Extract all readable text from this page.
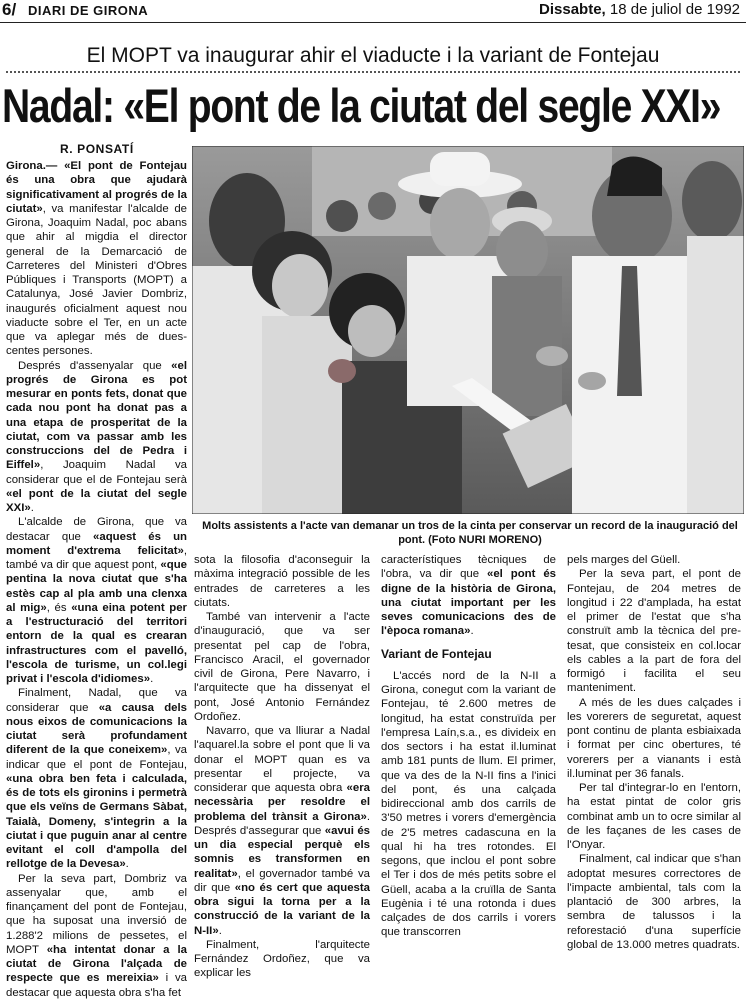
6/ DIARI DE GIRONA	Dissabte, 18 de juliol de 1992
El MOPT va inaugurar ahir el viaducte i la variant de Fontejau
Nadal: «El pont de la ciutat del segle XXI»
R. PONSATÍ

Girona.— «El pont de Fontejau és una obra que ajudarà significativament al progrés de la ciutat», va manifestar l'alcalde de Girona, Joaquim Nadal, poc abans que ahir al migdia el director general de la Demarcació de Carreteres del Ministeri d'Obres Públiques i Transports (MOPT) a Catalunya, José Javier Dombriz, inaugurés oficialment aquest nou viaducte sobre el Ter, en un acte que va aplegar més de dues-centes persones.

Després d'assenyalar que «el progrés de Girona es pot mesurar en ponts fets, donat que cada nou pont ha donat pas a una etapa de prosperitat de la ciutat, com va passar amb les construccions del de Pedra i Eiffel», Joaquim Nadal va considerar que el de Fontejau serà «el pont de la ciutat del segle XXI».

L'alcalde de Girona, que va destacar que «aquest és un moment d'extrema felicitat», també va dir que aquest pont, «que pentina la nova ciutat que s'ha estès cap al pla amb una clenxa al mig», és «una eina potent per a l'estructuració del territori entorn de la qual es crearan infrastructures com el pavelló, l'escola de turisme, un col.legi privat i l'escola d'idiomes».

Finalment, Nadal, que va considerar que «a causa dels nous eixos de comunicacions la ciutat serà profundament diferent de la que coneixem», va indicar que el pont de Fontejau, «una obra ben feta i calculada, és de tots els gironins i permetrà que els veïns de Germans Sàbat, Taialà, Domeny, s'integrin a la ciutat i que puguin anar al centre evitant el coll d'ampolla del rellotge de la Devesa».

Per la seva part, Dombriz va assenyalar que, amb el finançament del pont de Fontejau, que ha suposat una inversió de 1.288'2 milions de pessetes, el MOPT «ha intentat donar a la ciutat de Girona l'alçada de respecte que es mereixia» i va destacar que aquesta obra s'ha fet

Molts assistents a l'acte van demanar un tros de la cinta per conservar un record de la inauguració del pont. (Foto NURI MORENO)

sota la filosofia d'aconseguir la màxima integració possible de les entrades de carreteres a les ciutats.

També van intervenir a l'acte d'inauguració, que va ser presentat pel cap de l'obra, Francisco Aracil, el governador civil de Girona, Pere Navarro, i l'arquitecte que ha dissenyat el pont, José Antonio Fernández Ordoñez.

Navarro, que va lliurar a Nadal l'aquarel.la sobre el pont que li va donar el MOPT quan es va presentar el projecte, va considerar que aquesta obra «era necessària per resoldre el problema del trànsit a Girona». Després d'assegurar que «avui és un dia especial perquè els somnis es transformen en realitat», el governador també va dir que «no és cert que aquesta obra sigui la torna per a la construcció de la variant de la N-II».

Finalment, l'arquitecte Fernández Ordoñez, que va explicar les

característiques tècniques de l'obra, va dir que «el pont és digne de la història de Girona, una ciutat important per les seves comunicacions des de l'època romana».

Variant de Fontejau

L'accés nord de la N-II a Girona, conegut com la variant de Fontejau, té 2.600 metres de longitud, ha estat construïda per l'empresa Laín,s.a., es divideix en dos sectors i ha estat il.luminat amb 181 punts de llum. El primer, que va des de la N-II fins a l'inici del pont, és una calçada bidireccional amb dos carrils de 3'50 metres i vorers d'emergència de 2'5 metres cadascuna en la qual hi ha tres rotondes. El segons, que inclou el pont sobre el Ter i dos de més petits sobre el Güell, acaba a la cruïlla de Santa Eugènia i té una rotonda i dues calçades de dos carrils i vorers que transcorren

pels marges del Güell.

Per la seva part, el pont de Fontejau, de 204 metres de longitud i 22 d'amplada, ha estat el primer de l'estat que s'ha construït amb la tècnica del pre-tesat, que consisteix en col.locar els cables a la part de fora del formigó i facilita el seu manteniment.

A més de les dues calçades i les vorerers de seguretat, aquest pont continu de planta esbiaixada i format per cinc obertures, té vorerers per a vianants i està il.luminat per 36 fanals.

Per tal d'integrar-lo en l'entorn, ha estat pintat de color gris combinat amb un to ocre similar al de les façanes de les cases de l'Onyar.

Finalment, cal indicar que s'han adoptat mesures correctores de l'impacte ambiental, tals com la plantació de 300 arbres, la sembra de talussos i la reforestació d'una superfície global de 13.000 metres quadrats.
